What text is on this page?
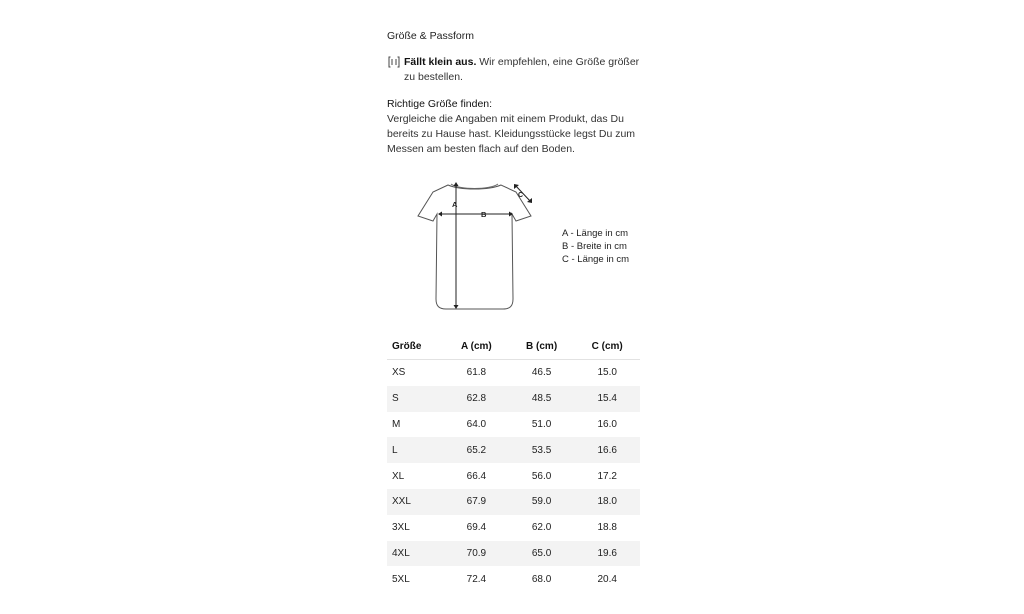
Größe & Passform
Fällt klein aus. Wir empfehlen, eine Größe größer zu bestellen.
Richtige Größe finden:
Vergleiche die Angaben mit einem Produkt, das Du bereits zu Hause hast. Kleidungsstücke legst Du zum Messen am besten flach auf den Boden.
A
B
C
A - Länge in cm
B - Breite in cm
C - Länge in cm
Größe	A (cm)	B (cm)	C (cm)
XS	61.8	46.5	15.0
S	62.8	48.5	15.4
M	64.0	51.0	16.0
L	65.2	53.5	16.6
XL	66.4	56.0	17.2
XXL	67.9	59.0	18.0
3XL	69.4	62.0	18.8
4XL	70.9	65.0	19.6
5XL	72.4	68.0	20.4
